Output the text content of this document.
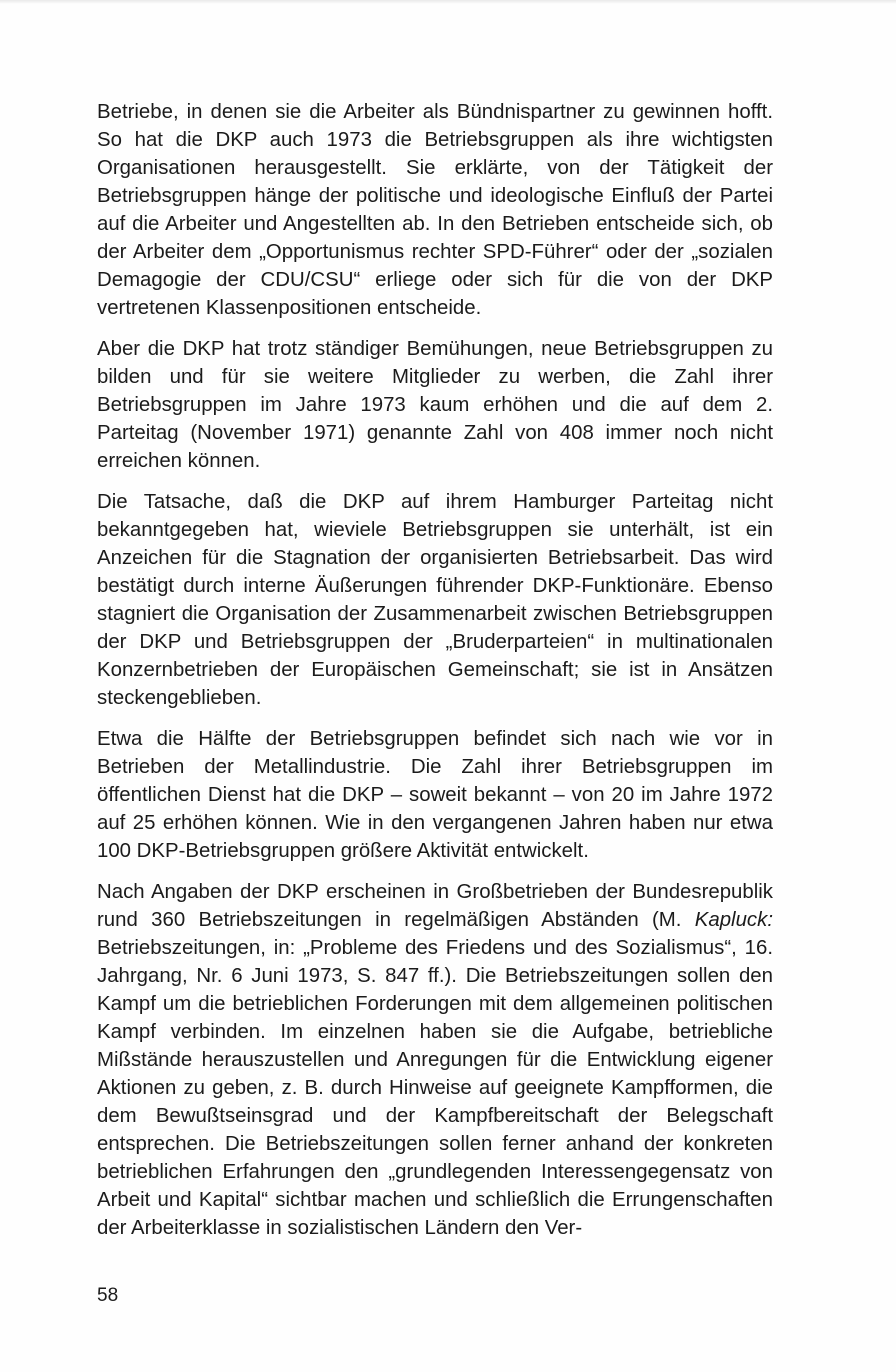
Betriebe, in denen sie die Arbeiter als Bündnispartner zu gewinnen hofft. So hat die DKP auch 1973 die Betriebsgruppen als ihre wichtigsten Organisationen herausgestellt. Sie erklärte, von der Tätigkeit der Betriebsgruppen hänge der politische und ideologische Einfluß der Partei auf die Arbeiter und Angestellten ab. In den Betrieben entscheide sich, ob der Arbeiter dem „Opportunismus rechter SPD-Führer“ oder der „sozialen Demagogie der CDU/CSU“ erliege oder sich für die von der DKP vertretenen Klassenpositionen entscheide.

Aber die DKP hat trotz ständiger Bemühungen, neue Betriebsgruppen zu bilden und für sie weitere Mitglieder zu werben, die Zahl ihrer Betriebsgruppen im Jahre 1973 kaum erhöhen und die auf dem 2. Parteitag (November 1971) genannte Zahl von 408 immer noch nicht erreichen können.

Die Tatsache, daß die DKP auf ihrem Hamburger Parteitag nicht bekanntgegeben hat, wieviele Betriebsgruppen sie unterhält, ist ein Anzeichen für die Stagnation der organisierten Betriebsarbeit. Das wird bestätigt durch interne Äußerungen führender DKP-Funktionäre. Ebenso stagniert die Organisation der Zusammenarbeit zwischen Betriebsgruppen der DKP und Betriebsgruppen der „Bruderparteien“ in multinationalen Konzernbetrieben der Europäischen Gemeinschaft; sie ist in Ansätzen steckengeblieben.

Etwa die Hälfte der Betriebsgruppen befindet sich nach wie vor in Betrieben der Metallindustrie. Die Zahl ihrer Betriebsgruppen im öffentlichen Dienst hat die DKP – soweit bekannt – von 20 im Jahre 1972 auf 25 erhöhen können. Wie in den vergangenen Jahren haben nur etwa 100 DKP-Betriebsgruppen größere Aktivität entwickelt.

Nach Angaben der DKP erscheinen in Großbetrieben der Bundesrepublik rund 360 Betriebszeitungen in regelmäßigen Abständen (M. Kapluck: Betriebszeitungen, in: „Probleme des Friedens und des Sozialismus“, 16. Jahrgang, Nr. 6 Juni 1973, S. 847 ff.). Die Betriebszeitungen sollen den Kampf um die betrieblichen Forderungen mit dem allgemeinen politischen Kampf verbinden. Im einzelnen haben sie die Aufgabe, betriebliche Mißstände herauszustellen und Anregungen für die Entwicklung eigener Aktionen zu geben, z. B. durch Hinweise auf geeignete Kampfformen, die dem Bewußtseinsgrad und der Kampfbereitschaft der Belegschaft entsprechen. Die Betriebszeitungen sollen ferner anhand der konkreten betrieblichen Erfahrungen den „grundlegenden Interessengegensatz von Arbeit und Kapital“ sichtbar machen und schließlich die Errungenschaften der Arbeiterklasse in sozialistischen Ländern den Ver-

58
